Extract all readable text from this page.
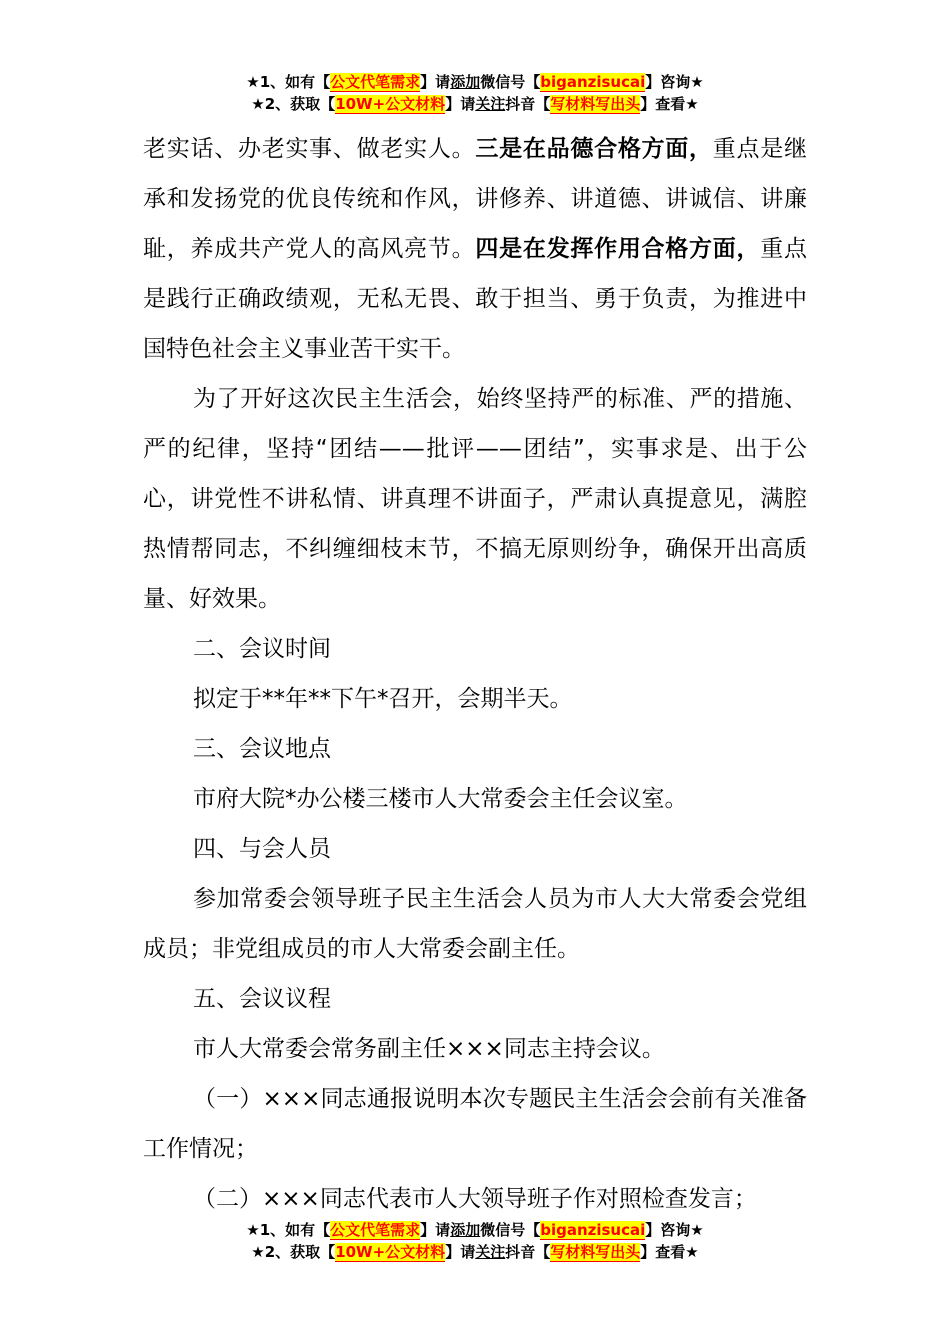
★1、如有【公文代笔需求】请添加微信号【biganzisucai】咨询★
★2、获取【10W+公文材料】请关注抖音【写材料写出头】查看★

老实话、办老实事、做老实人。三是在品德合格方面，重点是继承和发扬党的优良传统和作风，讲修养、讲道德、讲诚信、讲廉耻，养成共产党人的高风亮节。四是在发挥作用合格方面，重点是践行正确政绩观，无私无畏、敢于担当、勇于负责，为推进中国特色社会主义事业苦干实干。

为了开好这次民主生活会，始终坚持严的标准、严的措施、严的纪律，坚持“团结——批评——团结”，实事求是、出于公心，讲党性不讲私情、讲真理不讲面子，严肃认真提意见，满腔热情帮同志，不纠缠细枝末节，不搞无原则纷争，确保开出高质量、好效果。

二、会议时间

拟定于**年**下午*召开，会期半天。

三、会议地点

市府大院*办公楼三楼市人大常委会主任会议室。

四、与会人员

参加常委会领导班子民主生活会人员为市人大大常委会党组成员；非党组成员的市人大常委会副主任。

五、会议议程

市人大常委会常务副主任×××同志主持会议。

（一）×××同志通报说明本次专题民主生活会会前有关准备工作情况；

（二）×××同志代表市人大领导班子作对照检查发言；

★1、如有【公文代笔需求】请添加微信号【biganzisucai】咨询★
★2、获取【10W+公文材料】请关注抖音【写材料写出头】查看★
